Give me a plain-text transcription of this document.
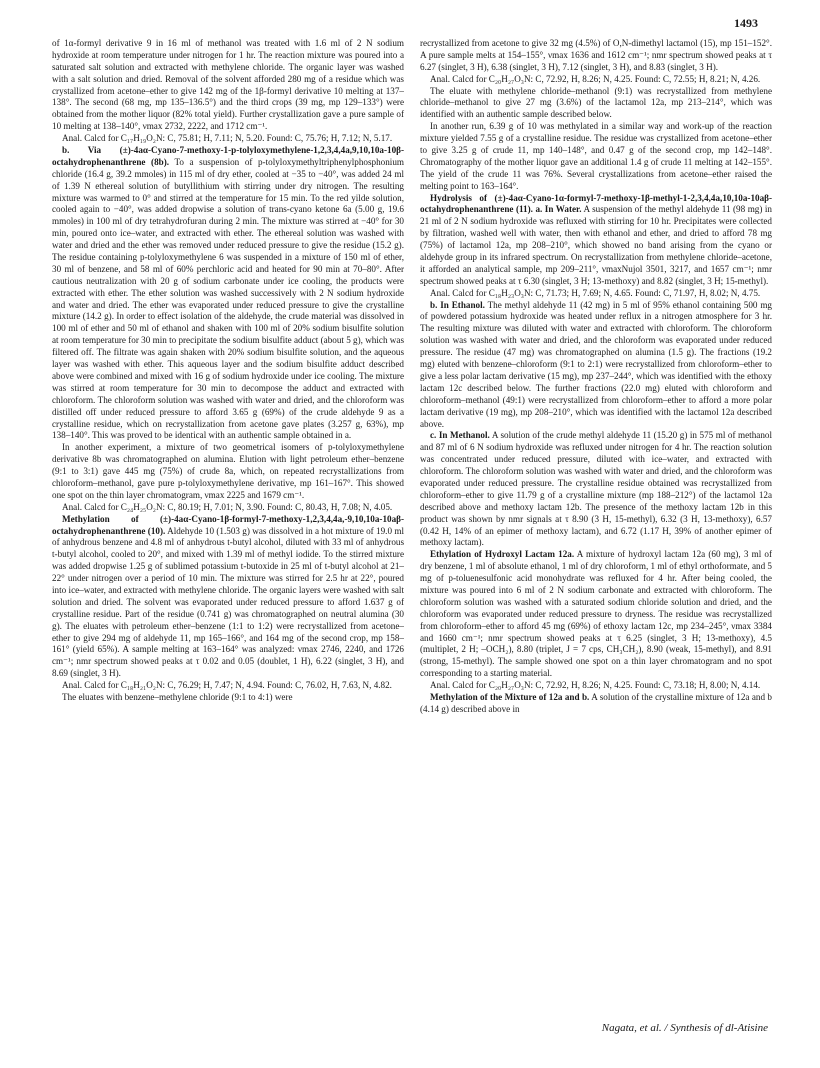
1493

of 1α-formyl derivative 9 in 16 ml of methanol was treated with 1.6 ml of 2 N sodium hydroxide at room temperature under nitrogen for 1 hr. The reaction mixture was poured into a saturated salt solution and extracted with methylene chloride. The organic layer was washed with a salt solution and dried. Removal of the solvent afforded 280 mg of a residue which was crystallized from acetone–ether to give 142 mg of the 1β-formyl derivative 10 melting at 137–138°. The second (68 mg, mp 135–136.5°) and the third crops (39 mg, mp 129–133°) were obtained from the mother liquor (82% total yield). Further crystallization gave a pure sample of 10 melting at 138–140°, νmax 2732, 2222, and 1712 cm⁻¹.

Anal. Calcd for C₁₇H₁₉O₂N: C, 75.81; H, 7.11; N, 5.20. Found: C, 75.76; H, 7.12; N, 5.17.

b. Via (±)-4aα-Cyano-7-methoxy-1-p-tolyloxymethylene-1,2,3,4,4a,9,10,10a-10β-octahydrophenanthrene (8b). To a suspension of p-tolyloxymethyltriphenylphosphonium chloride (16.4 g, 39.2 mmoles) in 115 ml of dry ether, cooled at −35 to −40°, was added 24 ml of 1.39 N ethereal solution of butyllithium with stirring under dry nitrogen. The resulting mixture was warmed to 0° and stirred at the temperature for 15 min. To the red yilde solution, cooled again to −40°, was added dropwise a solution of trans-cyano ketone 6a (5.00 g, 19.6 mmoles) in 100 ml of dry tetrahydrofuran during 2 min. The mixture was stirred at −40° for 30 min, poured onto ice–water, and extracted with ether. The ethereal solution was washed with water and dried and the ether was removed under reduced pressure to give the residue (15.2 g). The residue containing p-tolyloxymethylene 6 was suspended in a mixture of 150 ml of ether, 30 ml of benzene, and 58 ml of 60% perchloric acid and heated for 90 min at 70–80°. After cautious neutralization with 20 g of sodium carbonate under ice cooling, the products were extracted with ether. The ether solution was washed successively with 2 N sodium hydroxide and water and dried. The ether was evaporated under reduced pressure to give the crystalline mixture (14.2 g). In order to effect isolation of the aldehyde, the crude material was dissolved in 100 ml of ether and 50 ml of ethanol and shaken with 100 ml of 20% sodium bisulfite solution at room temperature for 30 min to precipitate the sodium bisulfite adduct (about 5 g), which was filtered off. The filtrate was again shaken with 20% sodium bisulfite solution, and the aqueous layer was washed with ether. This aqueous layer and the sodium bisulfite adduct described above were combined and mixed with 16 g of sodium hydroxide under ice cooling. The mixture was stirred at room temperature for 30 min to decompose the adduct and extracted with chloroform. The chloroform solution was washed with water and dried, and the chloroform was distilled off under reduced pressure to afford 3.65 g (69%) of the crude aldehyde 9 as a crystalline residue, which on recrystallization from acetone gave plates (3.257 g, 63%), mp 138–140°. This was proved to be identical with an authentic sample obtained in a.

In another experiment, a mixture of two geometrical isomers of p-tolyloxymethylene derivative 8b was chromatographed on alumina. Elution with light petroleum ether–benzene (9:1 to 3:1) gave 445 mg (75%) of crude 8a, which, on repeated recrystallizations from chloroform–methanol, gave pure p-tolyloxymethylene derivative, mp 161–167°. This showed one spot on the thin layer chromatogram, νmax 2225 and 1679 cm⁻¹.

Anal. Calcd for C₂₄H₂₅O₂N: C, 80.19; H, 7.01; N, 3.90. Found: C, 80.43, H, 7.08; N, 4.05.

Methylation of (±)-4aα-Cyano-1β-formyl-7-methoxy-1,2,3,4,4a,-9,10,10a-10aβ-octahydrophenanthrene (10). Aldehyde 10 (1.503 g) was dissolved in a hot mixture of 19.0 ml of anhydrous benzene and 4.8 ml of anhydrous t-butyl alcohol, diluted with 33 ml of anhydrous t-butyl alcohol, cooled to 20°, and mixed with 1.39 ml of methyl iodide. To the stirred mixture was added dropwise 1.25 g of sublimed potassium t-butoxide in 25 ml of t-butyl alcohol at 21–22° under nitrogen over a period of 10 min. The mixture was stirred for 2.5 hr at 22°, poured into ice–water, and extracted with methylene chloride. The organic layers were washed with salt solution and dried. The solvent was evaporated under reduced pressure to afford 1.637 g of crystalline residue. Part of the residue (0.741 g) was chromatographed on neutral alumina (30 g). The eluates with petroleum ether–benzene (1:1 to 1:2) were recrystallized from acetone–ether to give 294 mg of aldehyde 11, mp 165–166°, and 164 mg of the second crop, mp 158–161° (yield 65%). A sample melting at 163–164° was analyzed: νmax 2746, 2240, and 1726 cm⁻¹; nmr spectrum showed peaks at τ 0.02 and 0.05 (doublet, 1 H), 6.22 (singlet, 3 H), and 8.69 (singlet, 3 H).

Anal. Calcd for C₁₈H₂₁O₂N: C, 76.29; H, 7.47; N, 4.94. Found: C, 76.02, H, 7.63, N, 4.82.

The eluates with benzene–methylene chloride (9:1 to 4:1) were

recrystallized from acetone to give 32 mg (4.5%) of O,N-dimethyl lactamol (15), mp 151–152°. A pure sample melts at 154–155°, νmax 1636 and 1612 cm⁻¹; nmr spectrum showed peaks at τ 6.27 (singlet, 3 H), 6.38 (singlet, 3 H), 7.12 (singlet, 3 H), and 8.83 (singlet, 3 H).

Anal. Calcd for C₂₀H₂₇O₃N: C, 72.92, H, 8.26; N, 4.25. Found: C, 72.55; H, 8.21; N, 4.26.

The eluate with methylene chloride–methanol (9:1) was recrystallized from methylene chloride–methanol to give 27 mg (3.6%) of the lactamol 12a, mp 213–214°, which was identified with an authentic sample described below.

In another run, 6.39 g of 10 was methylated in a similar way and work-up of the reaction mixture yielded 7.55 g of a crystalline residue. The residue was crystallized from acetone–ether to give 3.25 g of crude 11, mp 140–148°, and 0.47 g of the second crop, mp 142–148°. Chromatography of the mother liquor gave an additional 1.4 g of crude 11 melting at 142–155°. The yield of the crude 11 was 76%. Several crystallizations from acetone–ether raised the melting point to 163–164°.

Hydrolysis of (±)-4aα-Cyano-1α-formyl-7-methoxy-1β-methyl-1-2,3,4,4a,10,10a-10aβ-octahydrophenanthrene (11). a. In Water. A suspension of the methyl aldehyde 11 (98 mg) in 21 ml of 2 N sodium hydroxide was refluxed with stirring for 10 hr. Precipitates were collected by filtration, washed well with water, then with ethanol and ether, and dried to afford 78 mg (75%) of lactamol 12a, mp 208–210°, which showed no band arising from the cyano or aldehyde group in its infrared spectrum. On recrystallization from methylene chloride–acetone, it afforded an analytical sample, mp 209–211°, νmaxNujol 3501, 3217, and 1657 cm⁻¹; nmr spectrum showed peaks at τ 6.30 (singlet, 3 H; 13-methoxy) and 8.82 (singlet, 3 H; 15-methyl).

Anal. Calcd for C₁₈H₂₃O₃N: C, 71.73; H, 7.69; N, 4.65. Found: C, 71.97, H, 8.02; N, 4.75.

b. In Ethanol. The methyl aldehyde 11 (42 mg) in 5 ml of 95% ethanol containing 500 mg of powdered potassium hydroxide was heated under reflux in a nitrogen atmosphere for 3 hr. The resulting mixture was diluted with water and extracted with chloroform. The chloroform solution was washed with water and dried, and the chloroform was evaporated under reduced pressure. The residue (47 mg) was chromatographed on alumina (1.5 g). The fractions (19.2 mg) eluted with benzene–chloroform (9:1 to 2:1) were recrystallized from chloroform–ether to give a less polar lactam derivative (15 mg), mp 237–244°, which was identified with the ethoxy lactam 12c described below. The further fractions (22.0 mg) eluted with chloroform and chloroform–methanol (49:1) were recrystallized from chloroform–ether to afford a more polar lactam derivative (19 mg), mp 208–210°, which was identified with the lactamol 12a described above.

c. In Methanol. A solution of the crude methyl aldehyde 11 (15.20 g) in 575 ml of methanol and 87 ml of 6 N sodium hydroxide was refluxed under nitrogen for 4 hr. The reaction solution was concentrated under reduced pressure, diluted with ice–water, and extracted with chloroform. The chloroform solution was washed with water and dried, and the chloroform was evaporated under reduced pressure. The crystalline residue obtained was recrystallized from chloroform–ether to give 11.79 g of a crystalline mixture (mp 188–212°) of the lactamol 12a described above and methoxy lactam 12b. The presence of the methoxy lactam 12b in this product was shown by nmr signals at τ 8.90 (3 H, 15-methyl), 6.32 (3 H, 13-methoxy), 6.57 (0.42 H, 14% of an epimer of methoxy lactam), and 6.72 (1.17 H, 39% of another epimer of methoxy lactam).

Ethylation of Hydroxyl Lactam 12a. A mixture of hydroxyl lactam 12a (60 mg), 3 ml of dry benzene, 1 ml of absolute ethanol, 1 ml of dry chloroform, 1 ml of ethyl orthoformate, and 5 mg of p-toluenesulfonic acid monohydrate was refluxed for 4 hr. After being cooled, the mixture was poured into 6 ml of 2 N sodium carbonate and extracted with chloroform. The chloroform solution was washed with a saturated sodium chloride solution and dried, and the chloroform was evaporated under reduced pressure to dryness. The residue was recrystallized from chloroform–ether to afford 45 mg (69%) of ethoxy lactam 12c, mp 234–245°, νmax 3384 and 1660 cm⁻¹; nmr spectrum showed peaks at τ 6.25 (singlet, 3 H; 13-methoxy), 4.5 (multiplet, 2 H; –OCH₂), 8.80 (triplet, J = 7 cps, CH₃CH₂), 8.90 (weak, 15-methyl), and 8.91 (strong, 15-methyl). The sample showed one spot on a thin layer chromatogram and no spot corresponding to a starting material.

Anal. Calcd for C₂₀H₂₇O₃N: C, 72.92, H, 8.26; N, 4.25. Found: C, 73.18; H, 8.00; N, 4.14.

Methylation of the Mixture of 12a and b. A solution of the crystalline mixture of 12a and b (4.14 g) described above in

Nagata, et al. / Synthesis of dl-Atisine
